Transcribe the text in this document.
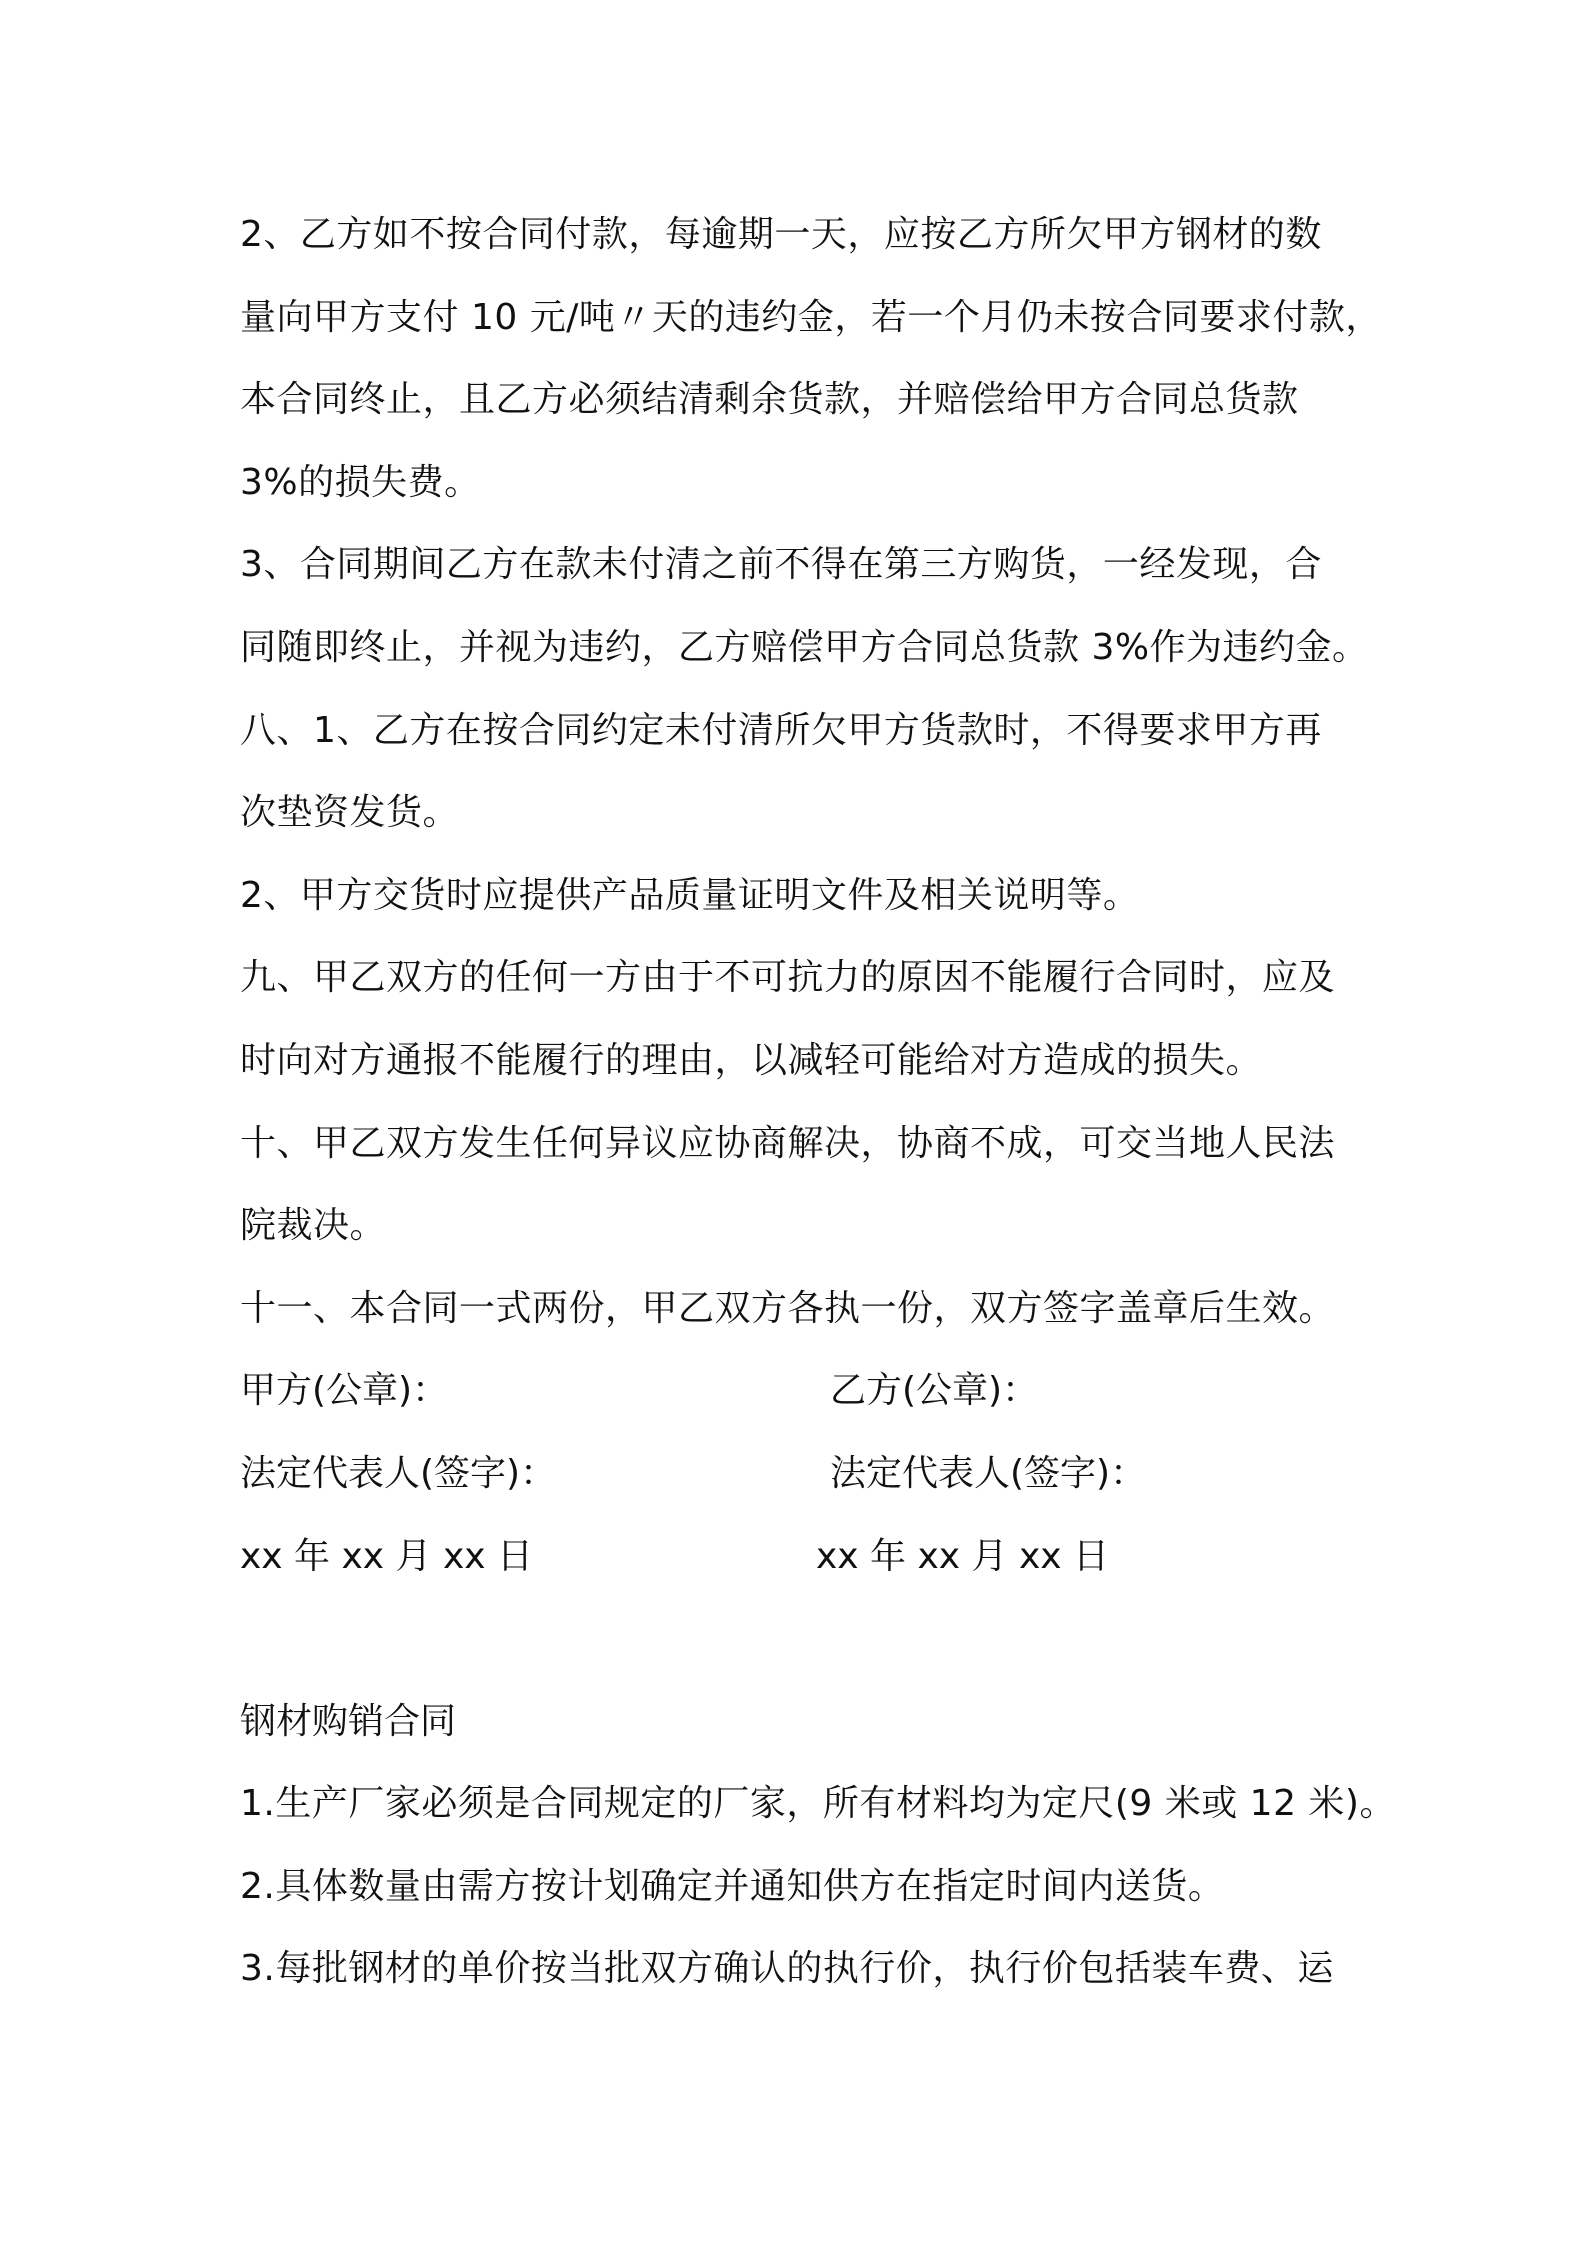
2、乙方如不按合同付款，每逾期一天，应按乙方所欠甲方钢材的数
量向甲方支付 10 元/吨〃天的违约金，若一个月仍未按合同要求付款，
本合同终止，且乙方必须结清剩余货款，并赔偿给甲方合同总货款
3%的损失费。
3、合同期间乙方在款未付清之前不得在第三方购货，一经发现，合
同随即终止，并视为违约，乙方赔偿甲方合同总货款 3%作为违约金。
八、1、乙方在按合同约定未付清所欠甲方货款时，不得要求甲方再
次垫资发货。
2、甲方交货时应提供产品质量证明文件及相关说明等。
九、甲乙双方的任何一方由于不可抗力的原因不能履行合同时，应及
时向对方通报不能履行的理由，以减轻可能给对方造成的损失。
十、甲乙双方发生任何异议应协商解决，协商不成，可交当地人民法
院裁决。
十一、本合同一式两份，甲乙双方各执一份，双方签字盖章后生效。
甲方(公章)：	乙方(公章)：
法定代表人(签字)：	法定代表人(签字)：
xx 年 xx 月 xx 日	xx 年 xx 月 xx 日
钢材购销合同
1.生产厂家必须是合同规定的厂家，所有材料均为定尺(9 米或 12 米)。
2.具体数量由需方按计划确定并通知供方在指定时间内送货。
3.每批钢材的单价按当批双方确认的执行价，执行价包括装车费、运
